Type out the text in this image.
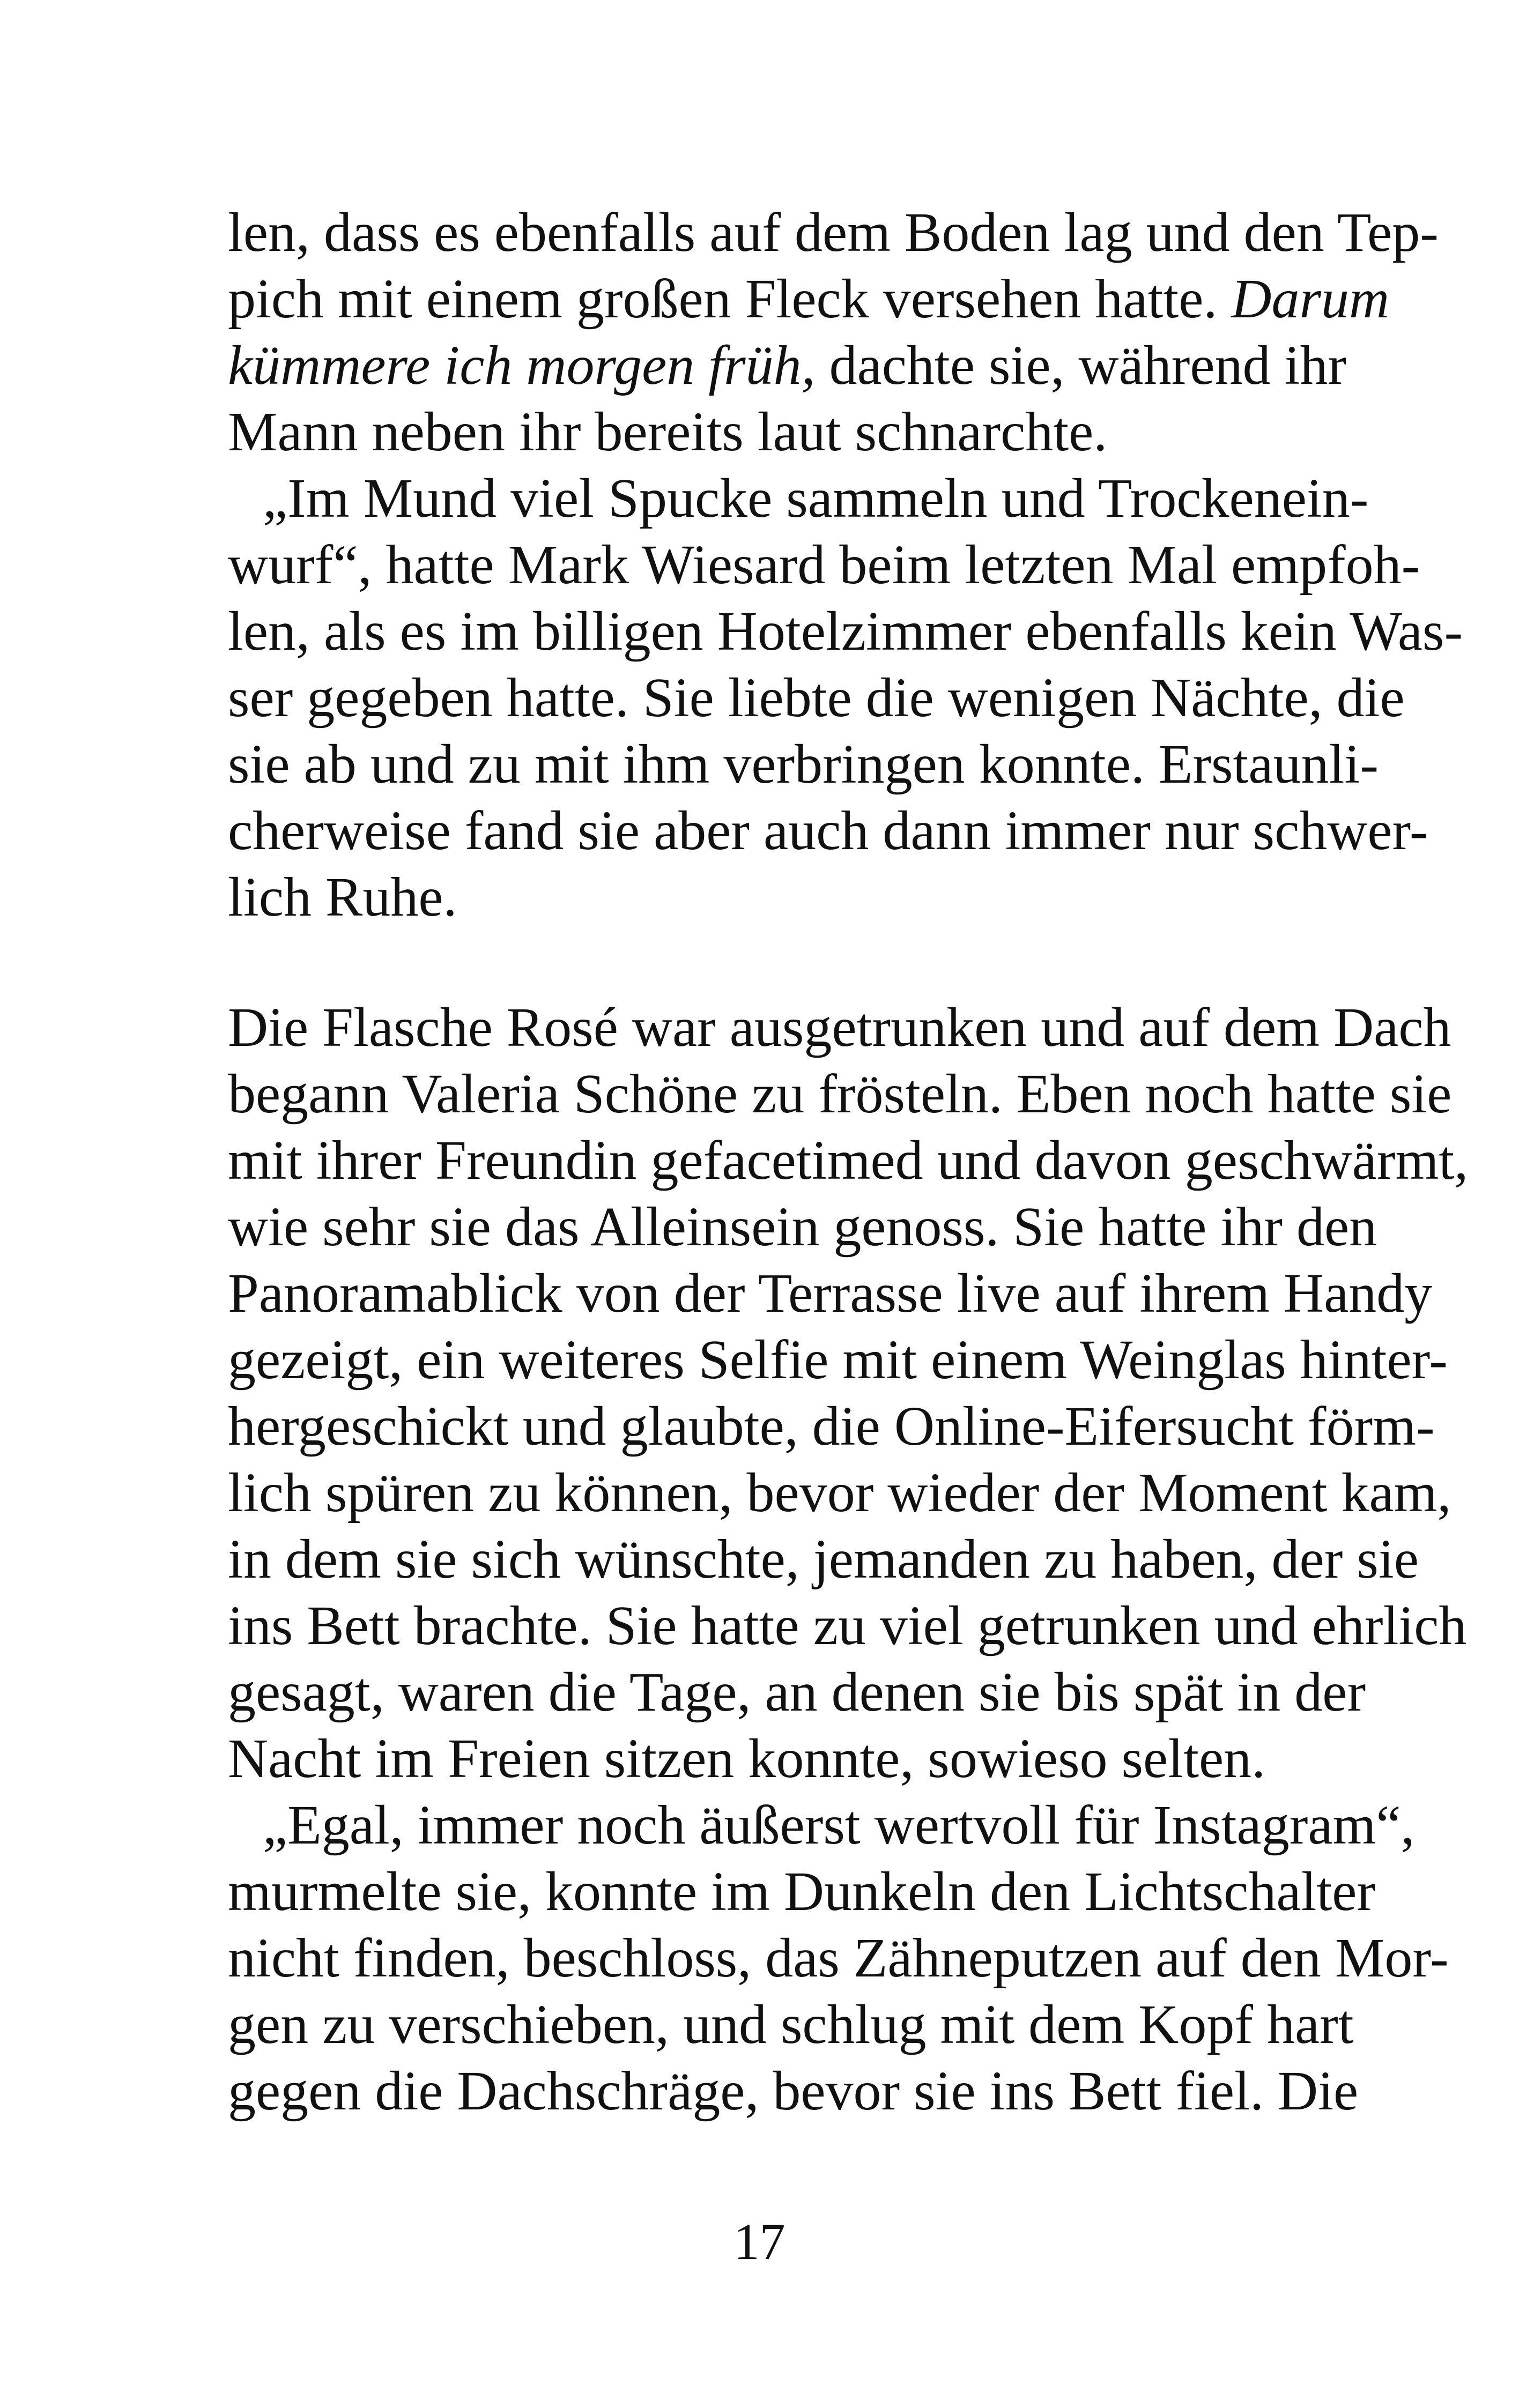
len, dass es ebenfalls auf dem Boden lag und den Tep-
pich mit einem großen Fleck versehen hatte. Darum
kümmere ich morgen früh, dachte sie, während ihr
Mann neben ihr bereits laut schnarchte.
„Im Mund viel Spucke sammeln und Trockenein-
wurf“, hatte Mark Wiesard beim letzten Mal empfoh-
len, als es im billigen Hotelzimmer ebenfalls kein Was-
ser gegeben hatte. Sie liebte die wenigen Nächte, die
sie ab und zu mit ihm verbringen konnte. Erstaunli-
cherweise fand sie aber auch dann immer nur schwer-
lich Ruhe.
Die Flasche Rosé war ausgetrunken und auf dem Dach
begann Valeria Schöne zu frösteln. Eben noch hatte sie
mit ihrer Freundin gefacetimed und davon geschwärmt,
wie sehr sie das Alleinsein genoss. Sie hatte ihr den
Panoramablick von der Terrasse live auf ihrem Handy
gezeigt, ein weiteres Selfie mit einem Weinglas hinter-
hergeschickt und glaubte, die Online-Eifersucht förm-
lich spüren zu können, bevor wieder der Moment kam,
in dem sie sich wünschte, jemanden zu haben, der sie
ins Bett brachte. Sie hatte zu viel getrunken und ehrlich
gesagt, waren die Tage, an denen sie bis spät in der
Nacht im Freien sitzen konnte, sowieso selten.
„Egal, immer noch äußerst wertvoll für Instagram“,
murmelte sie, konnte im Dunkeln den Lichtschalter
nicht finden, beschloss, das Zähneputzen auf den Mor-
gen zu verschieben, und schlug mit dem Kopf hart
gegen die Dachschräge, bevor sie ins Bett fiel. Die
17
